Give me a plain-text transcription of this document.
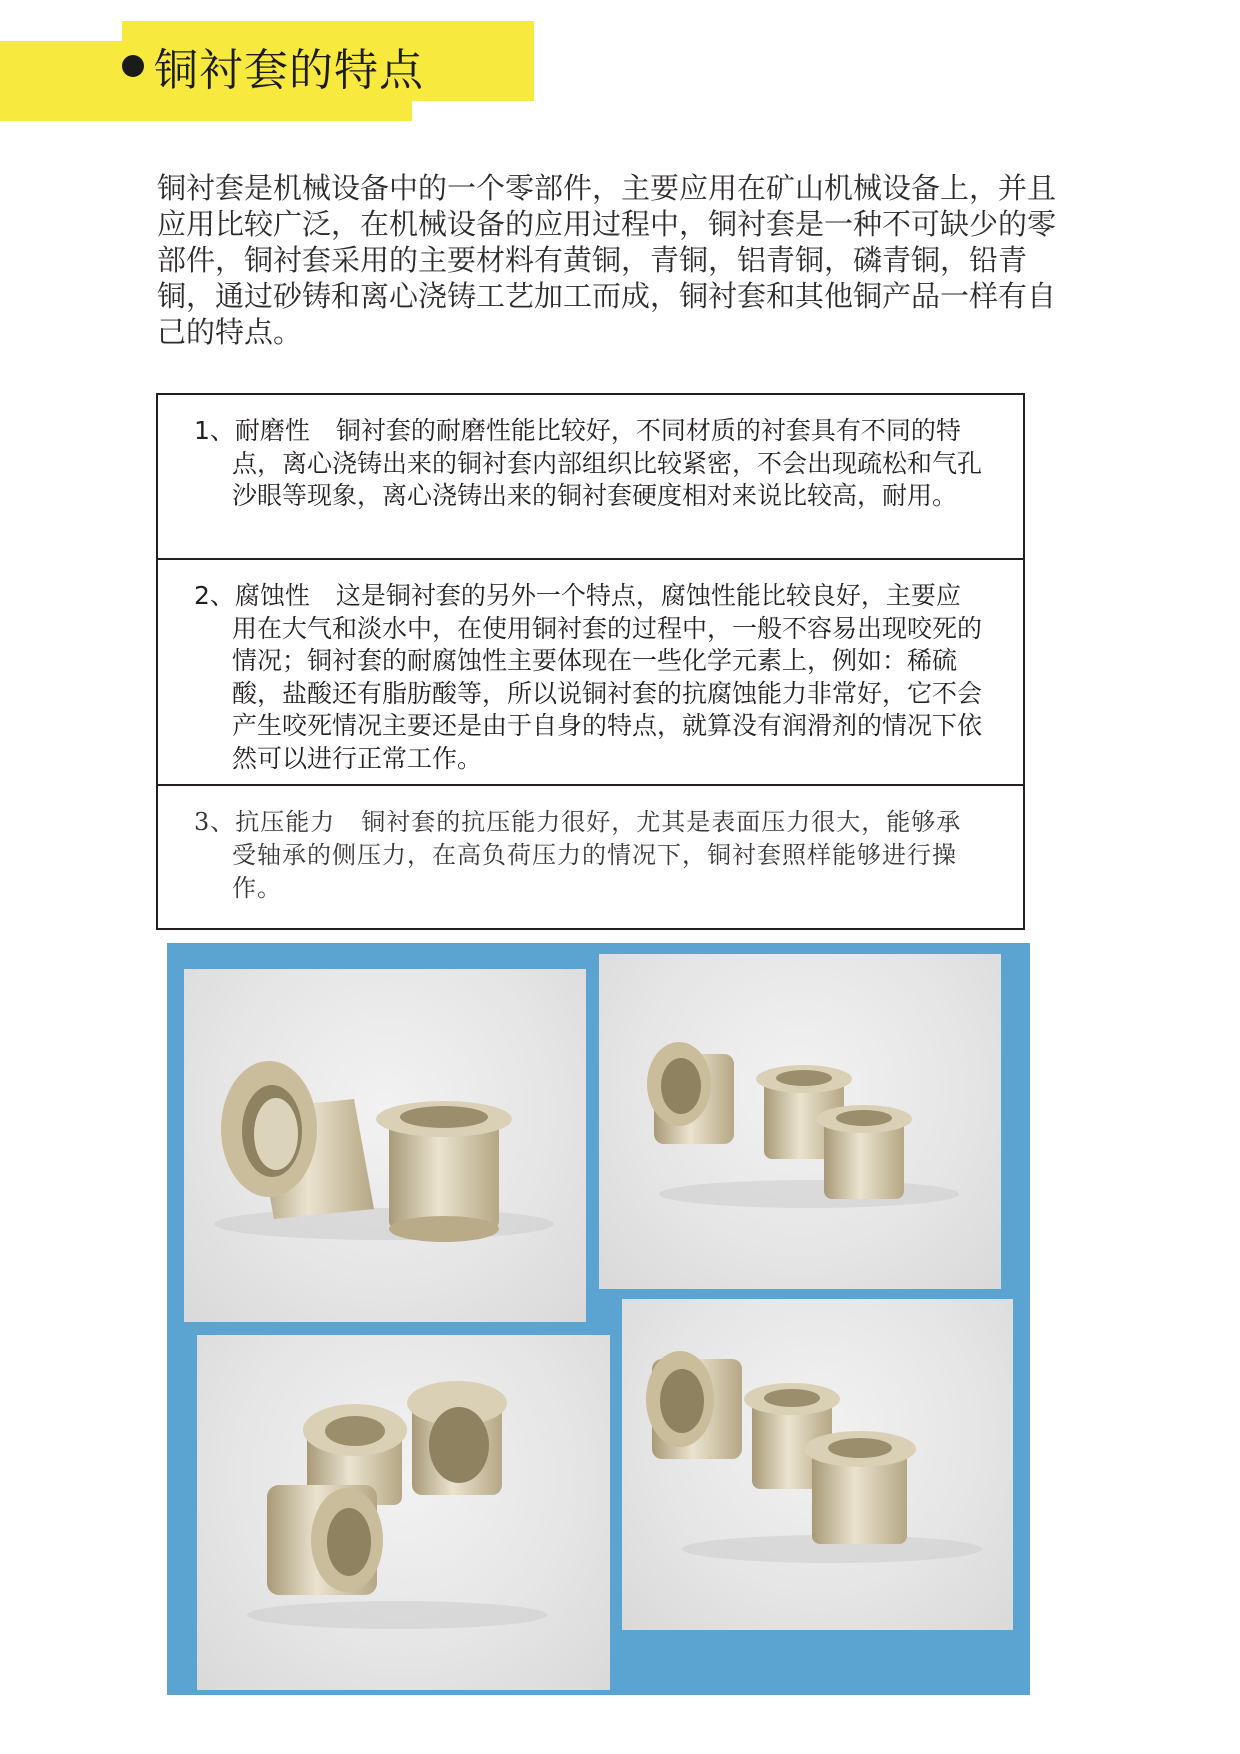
铜衬套的特点
铜衬套是机械设备中的一个零部件，主要应用在矿山机械设备上，并且应用比较广泛，在机械设备的应用过程中，铜衬套是一种不可缺少的零部件，铜衬套采用的主要材料有黄铜，青铜，铝青铜，磷青铜，铅青铜，通过砂铸和离心浇铸工艺加工而成，铜衬套和其他铜产品一样有自己的特点。
1、耐磨性 铜衬套的耐磨性能比较好，不同材质的衬套具有不同的特点，离心浇铸出来的铜衬套内部组织比较紧密，不会出现疏松和气孔沙眼等现象，离心浇铸出来的铜衬套硬度相对来说比较高，耐用。
2、腐蚀性 这是铜衬套的另外一个特点，腐蚀性能比较良好，主要应用在大气和淡水中，在使用铜衬套的过程中，一般不容易出现咬死的情况；铜衬套的耐腐蚀性主要体现在一些化学元素上，例如：稀硫酸，盐酸还有脂肪酸等，所以说铜衬套的抗腐蚀能力非常好，它不会产生咬死情况主要还是由于自身的特点，就算没有润滑剂的情况下依然可以进行正常工作。
3、抗压能力 铜衬套的抗压能力很好，尤其是表面压力很大，能够承受轴承的侧压力，在高负荷压力的情况下，铜衬套照样能够进行操作。
